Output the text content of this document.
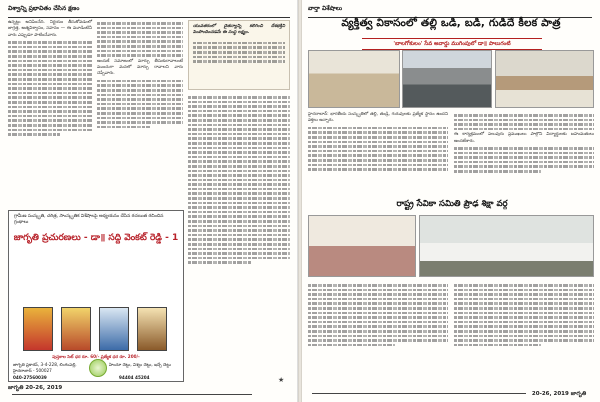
విశ్వాన్ని ప్రభావితం చేసిన క్షణం
ఉన్నట్టు అనిపించేది. నిర్ణయం తీసుకోవడంలో జాగ్రత్త, ఆత్మవిశ్వాసం, సహనం — ఈ మూడింటినీ వారు ఎప్పుడూ పాటించేవారు.
అందుకే సమాజంలో మార్పు తీసుకురావాలంటే ముందుగా మనలో మార్పు రావాలని వారు చెప్పేవారు.
యువతరంలో చైతన్యాన్ని కలిగించి దేశభక్తిని పెంపొందించడమే ఈ సంస్థ లక్ష్యం.
★
గ్రామీణ సంస్కృతి, చరిత్ర, సాంస్కృతిక విశేషాలపై అధ్యయనం చేసిన రచయిత రచించిన గ్రంథాలు
జాగృతి ప్రచురణలు - డా॥ సద్ది వెంకట్ రెడ్డి - 1
పుస్తకాల సెట్ ధర రూ. 60/- ప్రత్యేక ధర రూ. 200/-
జాగృతి ప్రకాశన్, 3-4-228, లింగంపల్లి, హైదరాబాద్ - 500027
హిందూ చెట్టు, విశ్వం చెట్టు, ఇచ్చే చెట్టు
040-27560039	94404 45204
జాగృతి 20-26, 2019
వార్తా విశేషాలు
వ్యక్తిత్వ వికాసంలో తల్లి ఒడి, బడి, గుడిదే కీలక పాత్ర
'బాలగోకులం' సేవ అవార్డు ముగింపులో డా॥ పాలుగంటి
హైదరాబాద్: భారతీయ సంస్కృతిలో తల్లి, తండ్రి, గురువులకు ప్రత్యేక స్థానం ఉందని వక్తలు అన్నారు.
ఈ కార్యక్రమంలో పలువురు ప్రముఖులు పాల్గొని విద్యార్థులకు బహుమతులు అందజేశారు.
రాష్ట్ర సేవికా సమితి ప్రౌఢ శిక్షా వర్గ
20-26, 2019 జాగృతి
